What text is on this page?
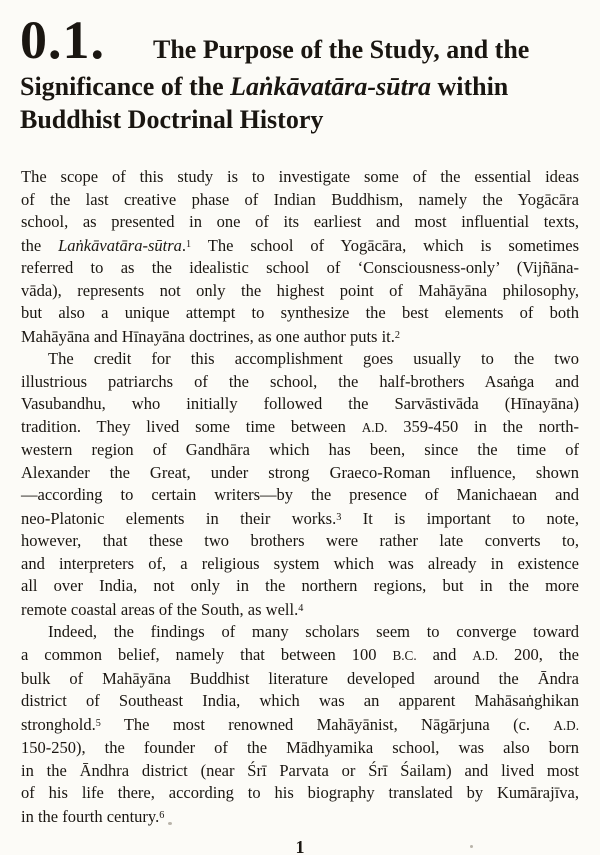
0.1. The Purpose of the Study, and the
Significance of the Laṅkāvatāra-sūtra within
Buddhist Doctrinal History
The scope of this study is to investigate some of the essential ideas
of the last creative phase of Indian Buddhism, namely the Yogācāra
school, as presented in one of its earliest and most influential texts,
the Laṅkāvatāra-sūtra.$^1$ The school of Yogācāra, which is sometimes
referred to as the idealistic school of ‘Consciousness-only’ (Vijñāna-
vāda), represents not only the highest point of Mahāyāna philosophy,
but also a unique attempt to synthesize the best elements of both
Mahāyāna and Hīnayāna doctrines, as one author puts it.$^2$
The credit for this accomplishment goes usually to the two
illustrious patriarchs of the school, the half-brothers Asaṅga and
Vasubandhu, who initially followed the Sarvāstivāda (Hīnayāna)
tradition. They lived some time between A.D. 359-450 in the north-
western region of Gandhāra which has been, since the time of
Alexander the Great, under strong Graeco-Roman influence, shown
—according to certain writers—by the presence of Manichaean and
neo-Platonic elements in their works.$^3$ It is important to note,
however, that these two brothers were rather late converts to,
and interpreters of, a religious system which was already in existence
all over India, not only in the northern regions, but in the more
remote coastal areas of the South, as well.$^4$
Indeed, the findings of many scholars seem to converge toward
a common belief, namely that between 100 B.C. and A.D. 200, the
bulk of Mahāyāna Buddhist literature developed around the Āndra
district of Southeast India, which was an apparent Mahāsaṅghikan
stronghold.$^5$ The most renowned Mahāyānist, Nāgārjuna (c. A.D.
150-250), the founder of the Mādhyamika school, was also born
in the Āndhra district (near Śrī Parvata or Śrī Śailam) and lived most
of his life there, according to his biography translated by Kumārajīva,
in the fourth century.$^6$
1
